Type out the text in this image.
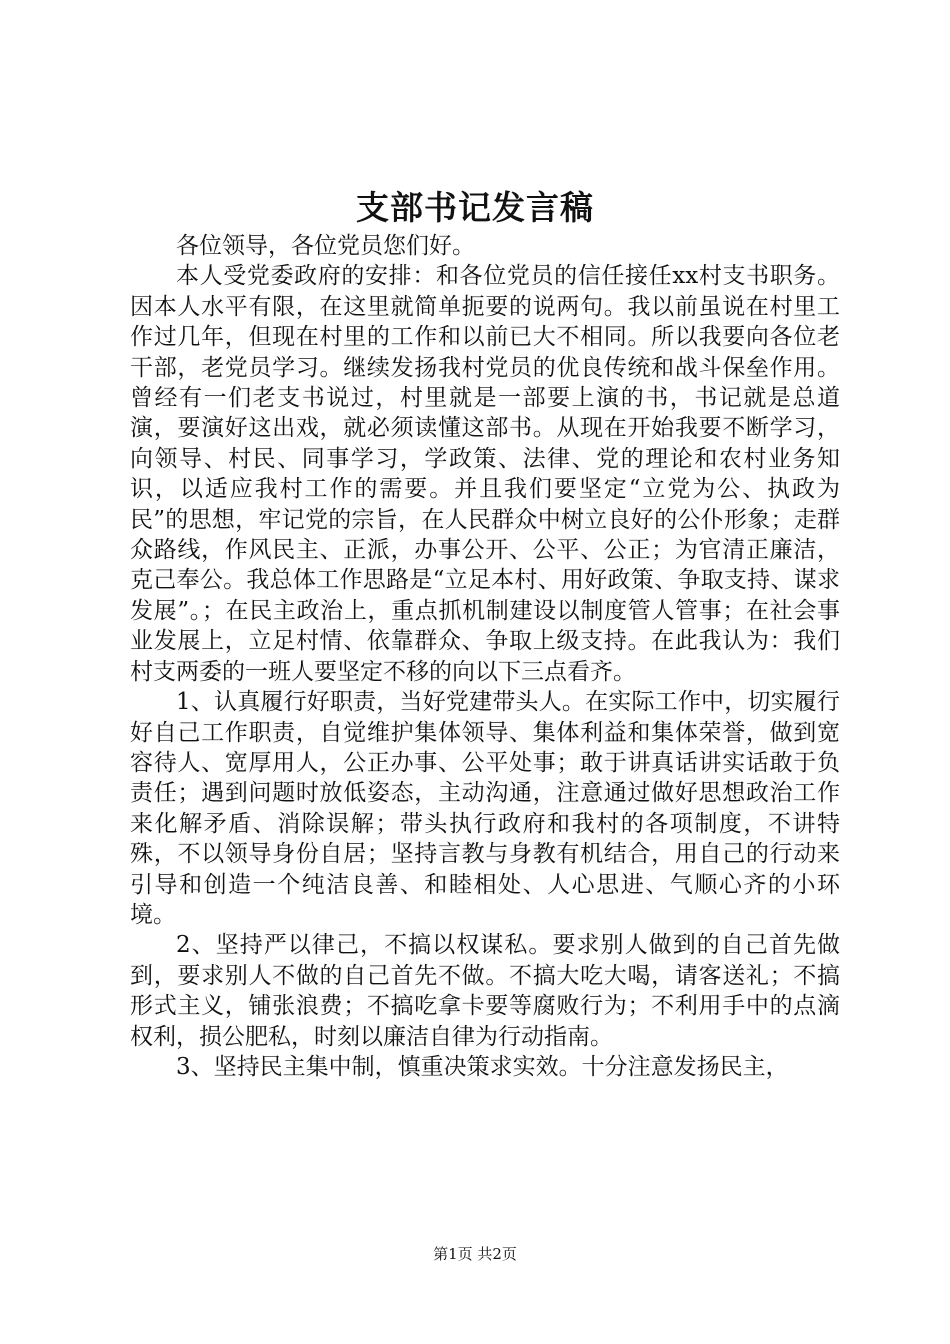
支部书记发言稿

各位领导，各位党员您们好。

本人受党委政府的安排：和各位党员的信任接任xx村支书职务。因本人水平有限，在这里就简单扼要的说两句。我以前虽说在村里工作过几年，但现在村里的工作和以前已大不相同。所以我要向各位老干部，老党员学习。继续发扬我村党员的优良传统和战斗保垒作用。曾经有一们老支书说过，村里就是一部要上演的书，书记就是总道演，要演好这出戏，就必须读懂这部书。从现在开始我要不断学习，向领导、村民、同事学习，学政策、法律、党的理论和农村业务知识，以适应我村工作的需要。并且我们要坚定“立党为公、执政为民”的思想，牢记党的宗旨，在人民群众中树立良好的公仆形象；走群众路线，作风民主、正派，办事公开、公平、公正；为官清正廉洁，克己奉公。我总体工作思路是“立足本村、用好政策、争取支持、谋求发展”。；在民主政治上，重点抓机制建设以制度管人管事；在社会事业发展上，立足村情、依靠群众、争取上级支持。在此我认为：我们村支两委的一班人要坚定不移的向以下三点看齐。

1、认真履行好职责，当好党建带头人。在实际工作中，切实履行好自己工作职责，自觉维护集体领导、集体利益和集体荣誉，做到宽容待人、宽厚用人，公正办事、公平处事；敢于讲真话讲实话敢于负责任；遇到问题时放低姿态，主动沟通，注意通过做好思想政治工作来化解矛盾、消除误解；带头执行政府和我村的各项制度，不讲特殊，不以领导身份自居；坚持言教与身教有机结合，用自己的行动来引导和创造一个纯洁良善、和睦相处、人心思进、气顺心齐的小环境。

2、坚持严以律己，不搞以权谋私。要求别人做到的自己首先做到，要求别人不做的自己首先不做。不搞大吃大喝，请客送礼；不搞形式主义，铺张浪费；不搞吃拿卡要等腐败行为；不利用手中的点滴权利，损公肥私，时刻以廉洁自律为行动指南。

3、坚持民主集中制，慎重决策求实效。十分注意发扬民主，

第1页 共2页
